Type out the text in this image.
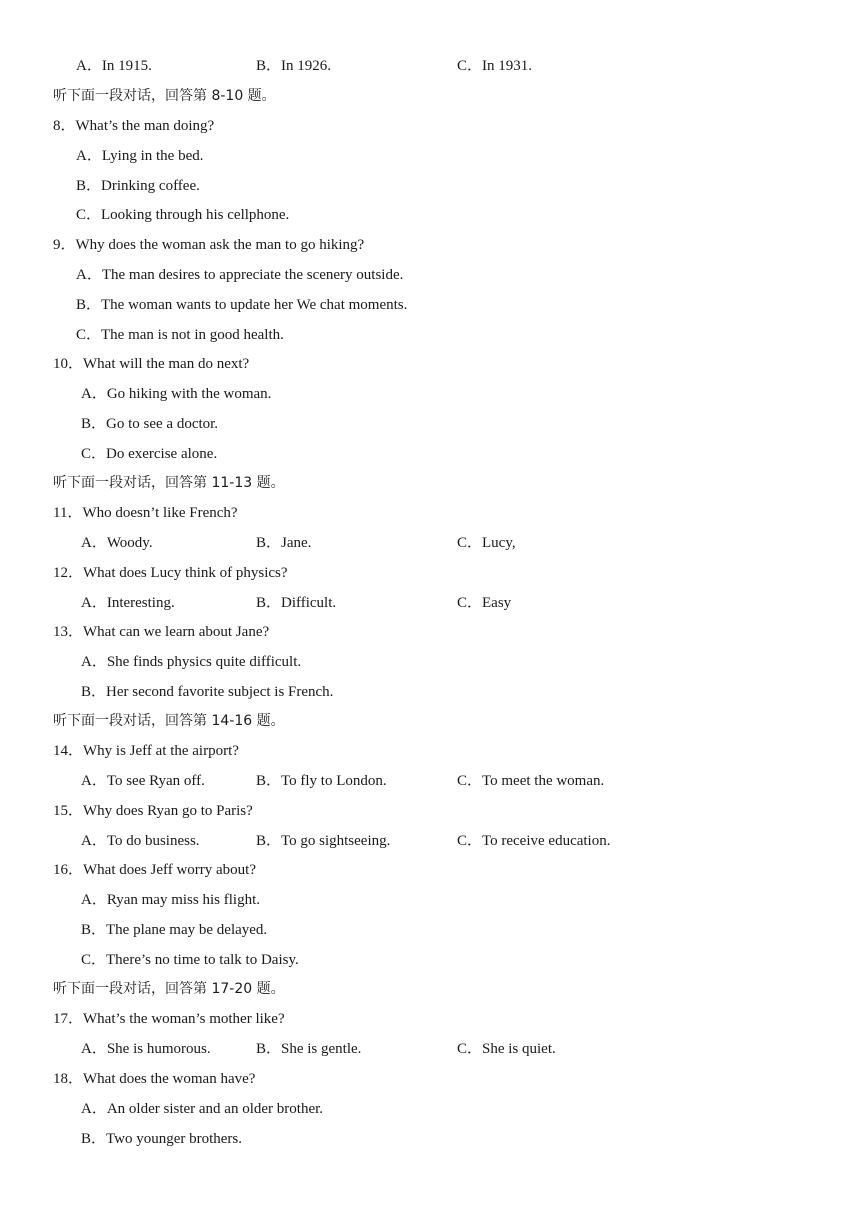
A．In 1915.	B．In 1926.	C．In 1931.
听下面一段对话，回答第 8-10 题。
8．What’s the man doing?
A．Lying in the bed.
B．Drinking coffee.
C．Looking through his cellphone.
9．Why does the woman ask the man to go hiking?
A．The man desires to appreciate the scenery outside.
B．The woman wants to update her We chat moments.
C．The man is not in good health.
10．What will the man do next?
A．Go hiking with the woman.
B．Go to see a doctor.
C．Do exercise alone.
听下面一段对话，回答第 11-13 题。
11．Who doesn’t like French?
A．Woody.	B．Jane.	C．Lucy,
12．What does Lucy think of physics?
A．Interesting.	B．Difficult.	C．Easy
13．What can we learn about Jane?
A．She finds physics quite difficult.
B．Her second favorite subject is French.
听下面一段对话，回答第 14-16 题。
14．Why is Jeff at the airport?
A．To see Ryan off.	B．To fly to London.	C．To meet the woman.
15．Why does Ryan go to Paris?
A．To do business.	B．To go sightseeing.	C．To receive education.
16．What does Jeff worry about?
A．Ryan may miss his flight.
B．The plane may be delayed.
C．There’s no time to talk to Daisy.
听下面一段对话，回答第 17-20 题。
17．What’s the woman’s mother like?
A．She is humorous.	B．She is gentle.	C．She is quiet.
18．What does the woman have?
A．An older sister and an older brother.
B．Two younger brothers.
